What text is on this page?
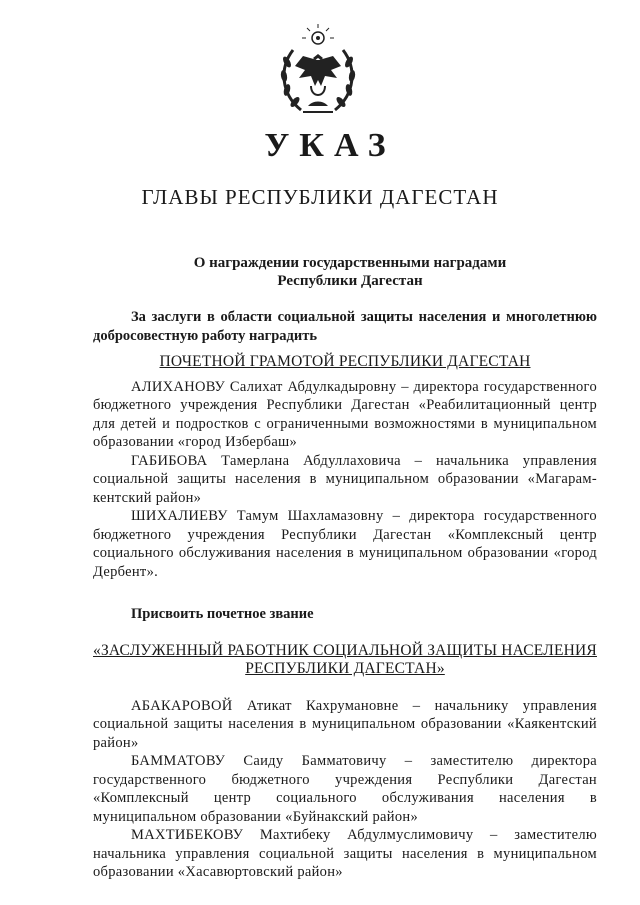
УКАЗ
ГЛАВЫ РЕСПУБЛИКИ ДАГЕСТАН
О награждении государственными наградами
Республики Дагестан

За заслуги в области социальной защиты населения и многолетнюю добросовестную работу наградить

ПОЧЕТНОЙ ГРАМОТОЙ РЕСПУБЛИКИ ДАГЕСТАН

АЛИХАНОВУ Салихат Абдулкадыровну – директора государственного бюджетного учреждения Республики Дагестан «Реабилитационный центр для детей и подростков с ограниченными возможностями в муниципальном образовании «город Избербаш»

ГАБИБОВА Тамерлана Абдуллаховича – начальника управления социальной защиты населения в муниципальном образовании «Магарам-кентский район»

ШИХАЛИЕВУ Тамум Шахламазовну – директора государственного бюджетного учреждения Республики Дагестан «Комплексный центр социального обслуживания населения в муниципальном образовании «город Дербент».

Присвоить почетное звание

«ЗАСЛУЖЕННЫЙ РАБОТНИК СОЦИАЛЬНОЙ ЗАЩИТЫ НАСЕЛЕНИЯ
РЕСПУБЛИКИ ДАГЕСТАН»

АБАКАРОВОЙ Атикат Кахрумановне – начальнику управления социальной защиты населения в муниципальном образовании «Каякентский район»

БАММАТОВУ Саиду Бамматовичу – заместителю директора государственного бюджетного учреждения Республики Дагестан «Комплексный центр социального обслуживания населения в муниципальном образовании «Буйнакский район»

МАХТИБЕКОВУ Махтибеку Абдулмуслимовичу – заместителю начальника управления социальной защиты населения в муниципальном образовании «Хасавюртовский район»
